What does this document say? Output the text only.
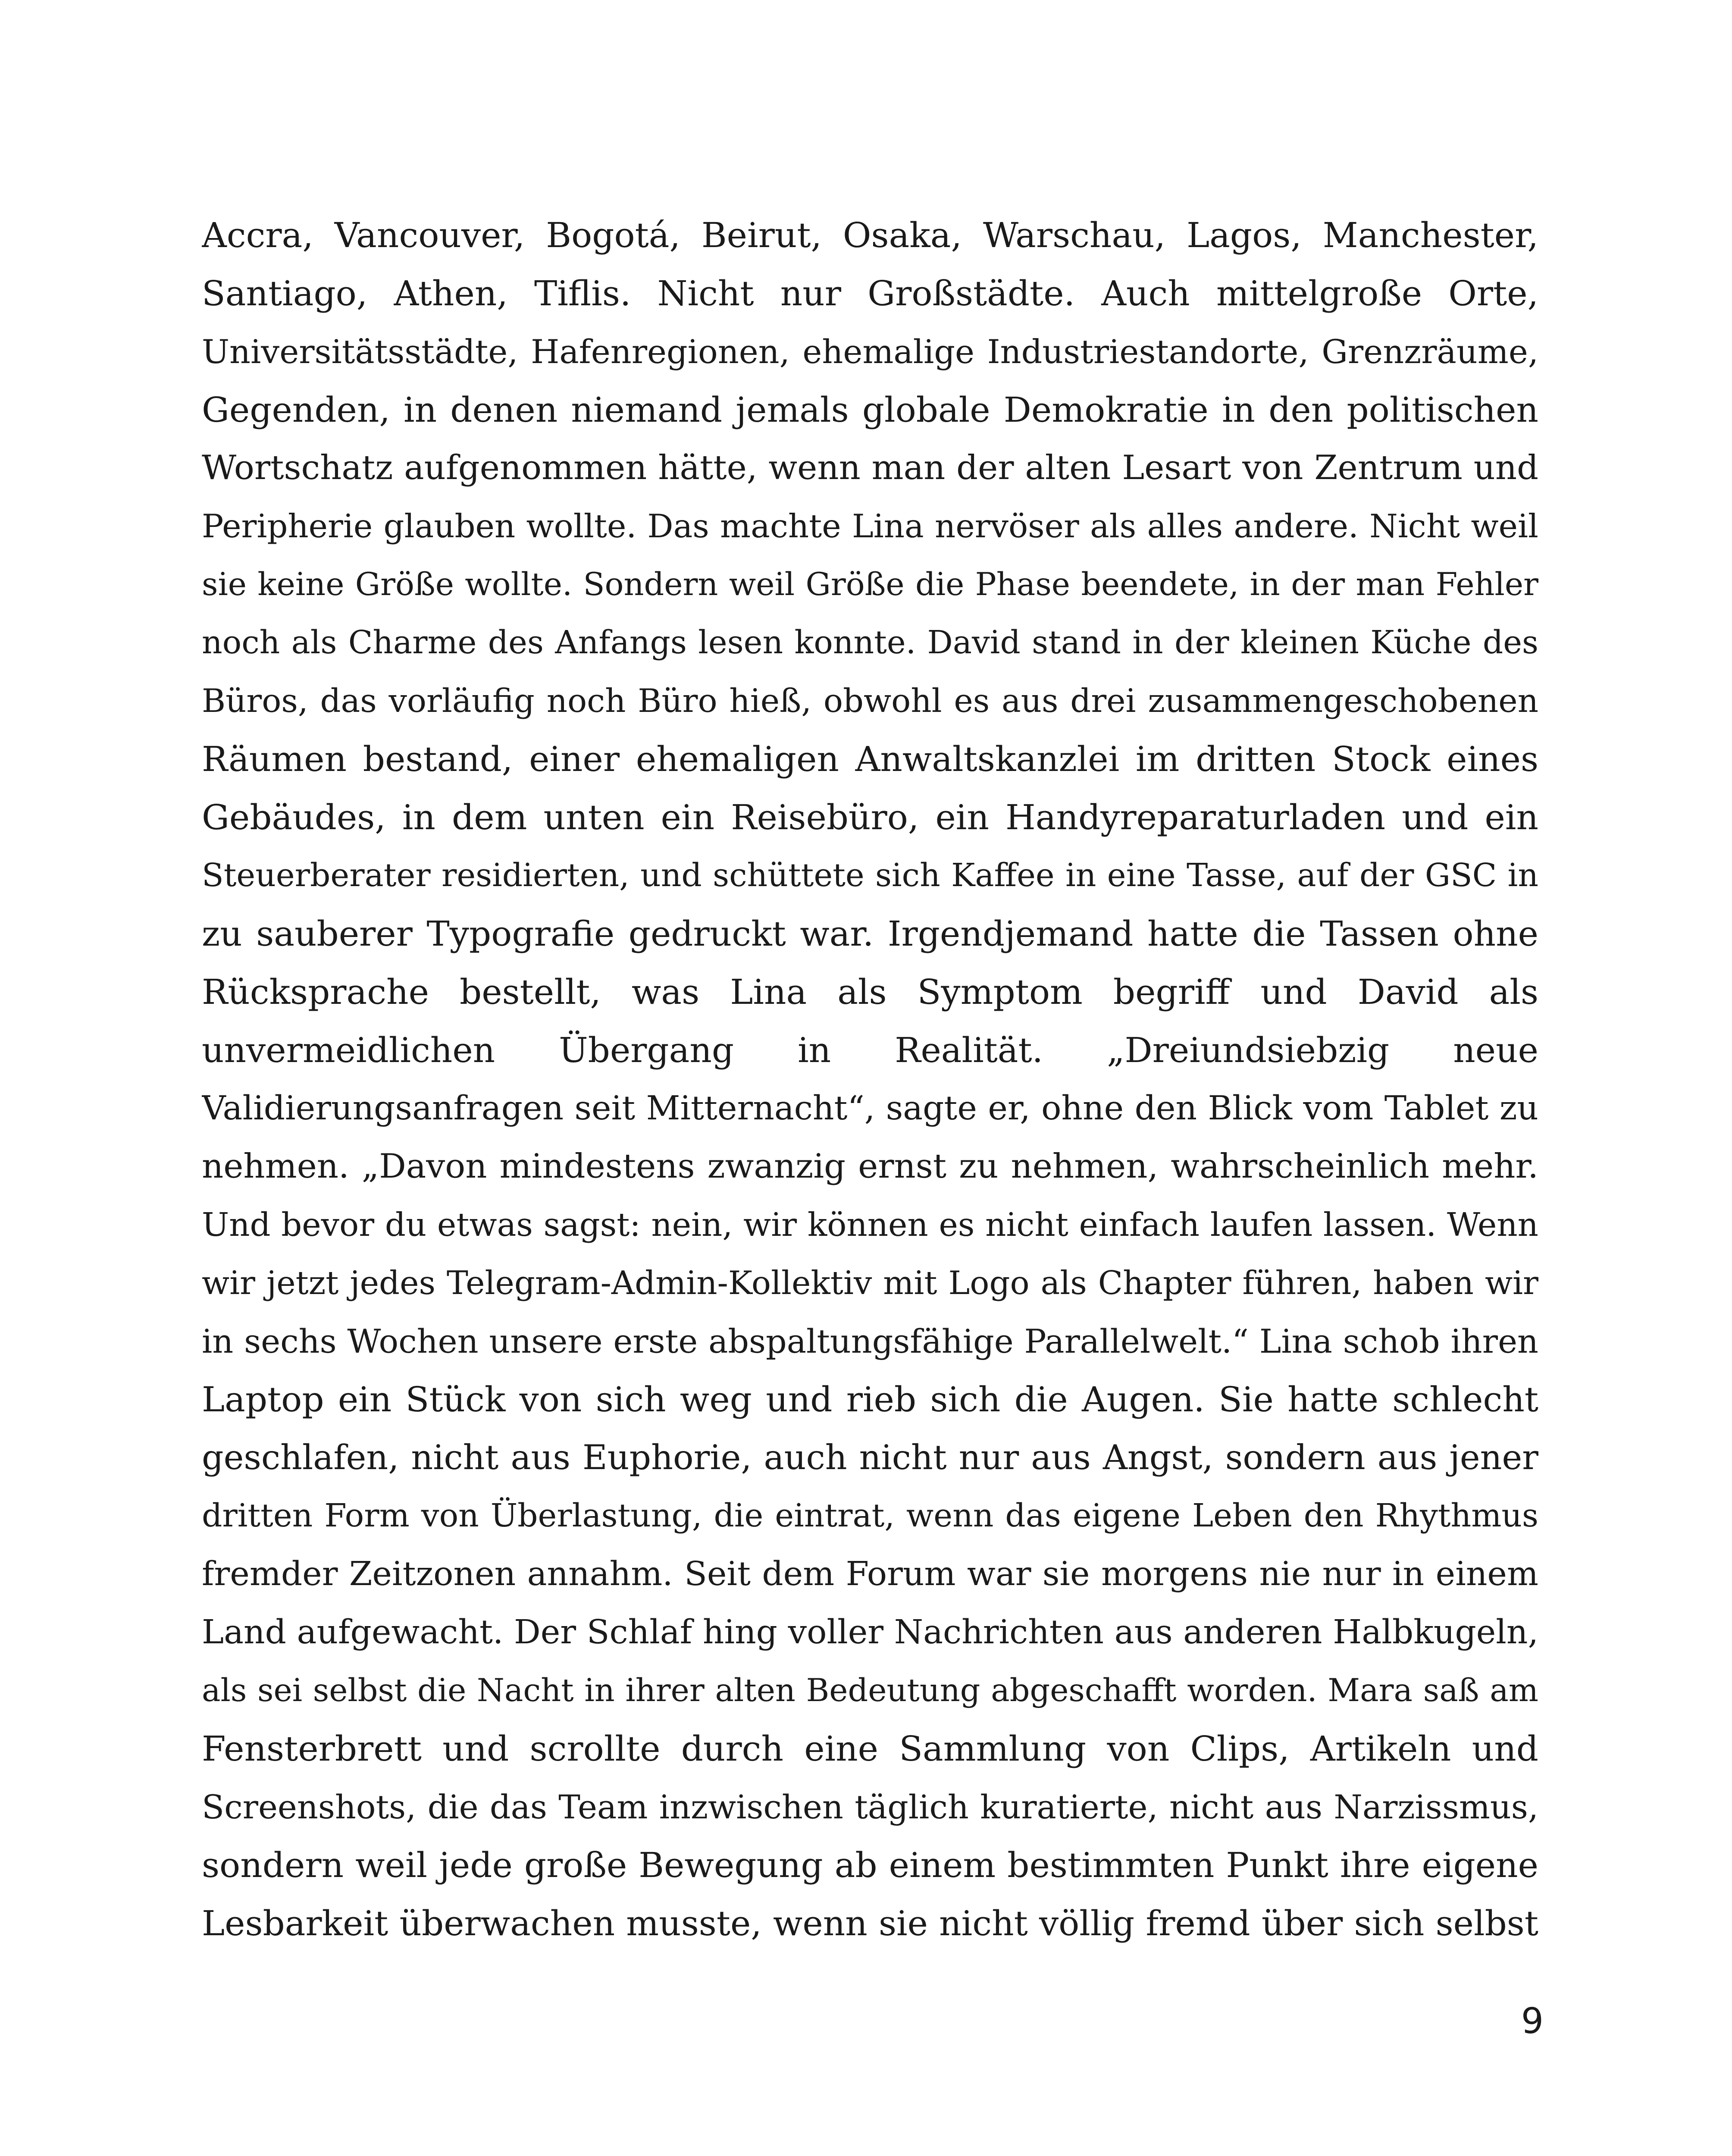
Accra, Vancouver, Bogotá, Beirut, Osaka, Warschau, Lagos, Manchester,
Santiago, Athen, Tiflis. Nicht nur Großstädte. Auch mittelgroße Orte,
Universitätsstädte, Hafenregionen, ehemalige Industriestandorte, Grenzräume,
Gegenden, in denen niemand jemals globale Demokratie in den politischen
Wortschatz aufgenommen hätte, wenn man der alten Lesart von Zentrum und
Peripherie glauben wollte. Das machte Lina nervöser als alles andere. Nicht weil
sie keine Größe wollte. Sondern weil Größe die Phase beendete, in der man Fehler
noch als Charme des Anfangs lesen konnte. David stand in der kleinen Küche des
Büros, das vorläufig noch Büro hieß, obwohl es aus drei zusammengeschobenen
Räumen bestand, einer ehemaligen Anwaltskanzlei im dritten Stock eines
Gebäudes, in dem unten ein Reisebüro, ein Handyreparaturladen und ein
Steuerberater residierten, und schüttete sich Kaffee in eine Tasse, auf der GSC in
zu sauberer Typografie gedruckt war. Irgendjemand hatte die Tassen ohne
Rücksprache bestellt, was Lina als Symptom begriff und David als
unvermeidlichen Übergang in Realität. „Dreiundsiebzig neue
Validierungsanfragen seit Mitternacht“, sagte er, ohne den Blick vom Tablet zu
nehmen. „Davon mindestens zwanzig ernst zu nehmen, wahrscheinlich mehr.
Und bevor du etwas sagst: nein, wir können es nicht einfach laufen lassen. Wenn
wir jetzt jedes Telegram-Admin-Kollektiv mit Logo als Chapter führen, haben wir
in sechs Wochen unsere erste abspaltungsfähige Parallelwelt.“ Lina schob ihren
Laptop ein Stück von sich weg und rieb sich die Augen. Sie hatte schlecht
geschlafen, nicht aus Euphorie, auch nicht nur aus Angst, sondern aus jener
dritten Form von Überlastung, die eintrat, wenn das eigene Leben den Rhythmus
fremder Zeitzonen annahm. Seit dem Forum war sie morgens nie nur in einem
Land aufgewacht. Der Schlaf hing voller Nachrichten aus anderen Halbkugeln,
als sei selbst die Nacht in ihrer alten Bedeutung abgeschafft worden. Mara saß am
Fensterbrett und scrollte durch eine Sammlung von Clips, Artikeln und
Screenshots, die das Team inzwischen täglich kuratierte, nicht aus Narzissmus,
sondern weil jede große Bewegung ab einem bestimmten Punkt ihre eigene
Lesbarkeit überwachen musste, wenn sie nicht völlig fremd über sich selbst
9
